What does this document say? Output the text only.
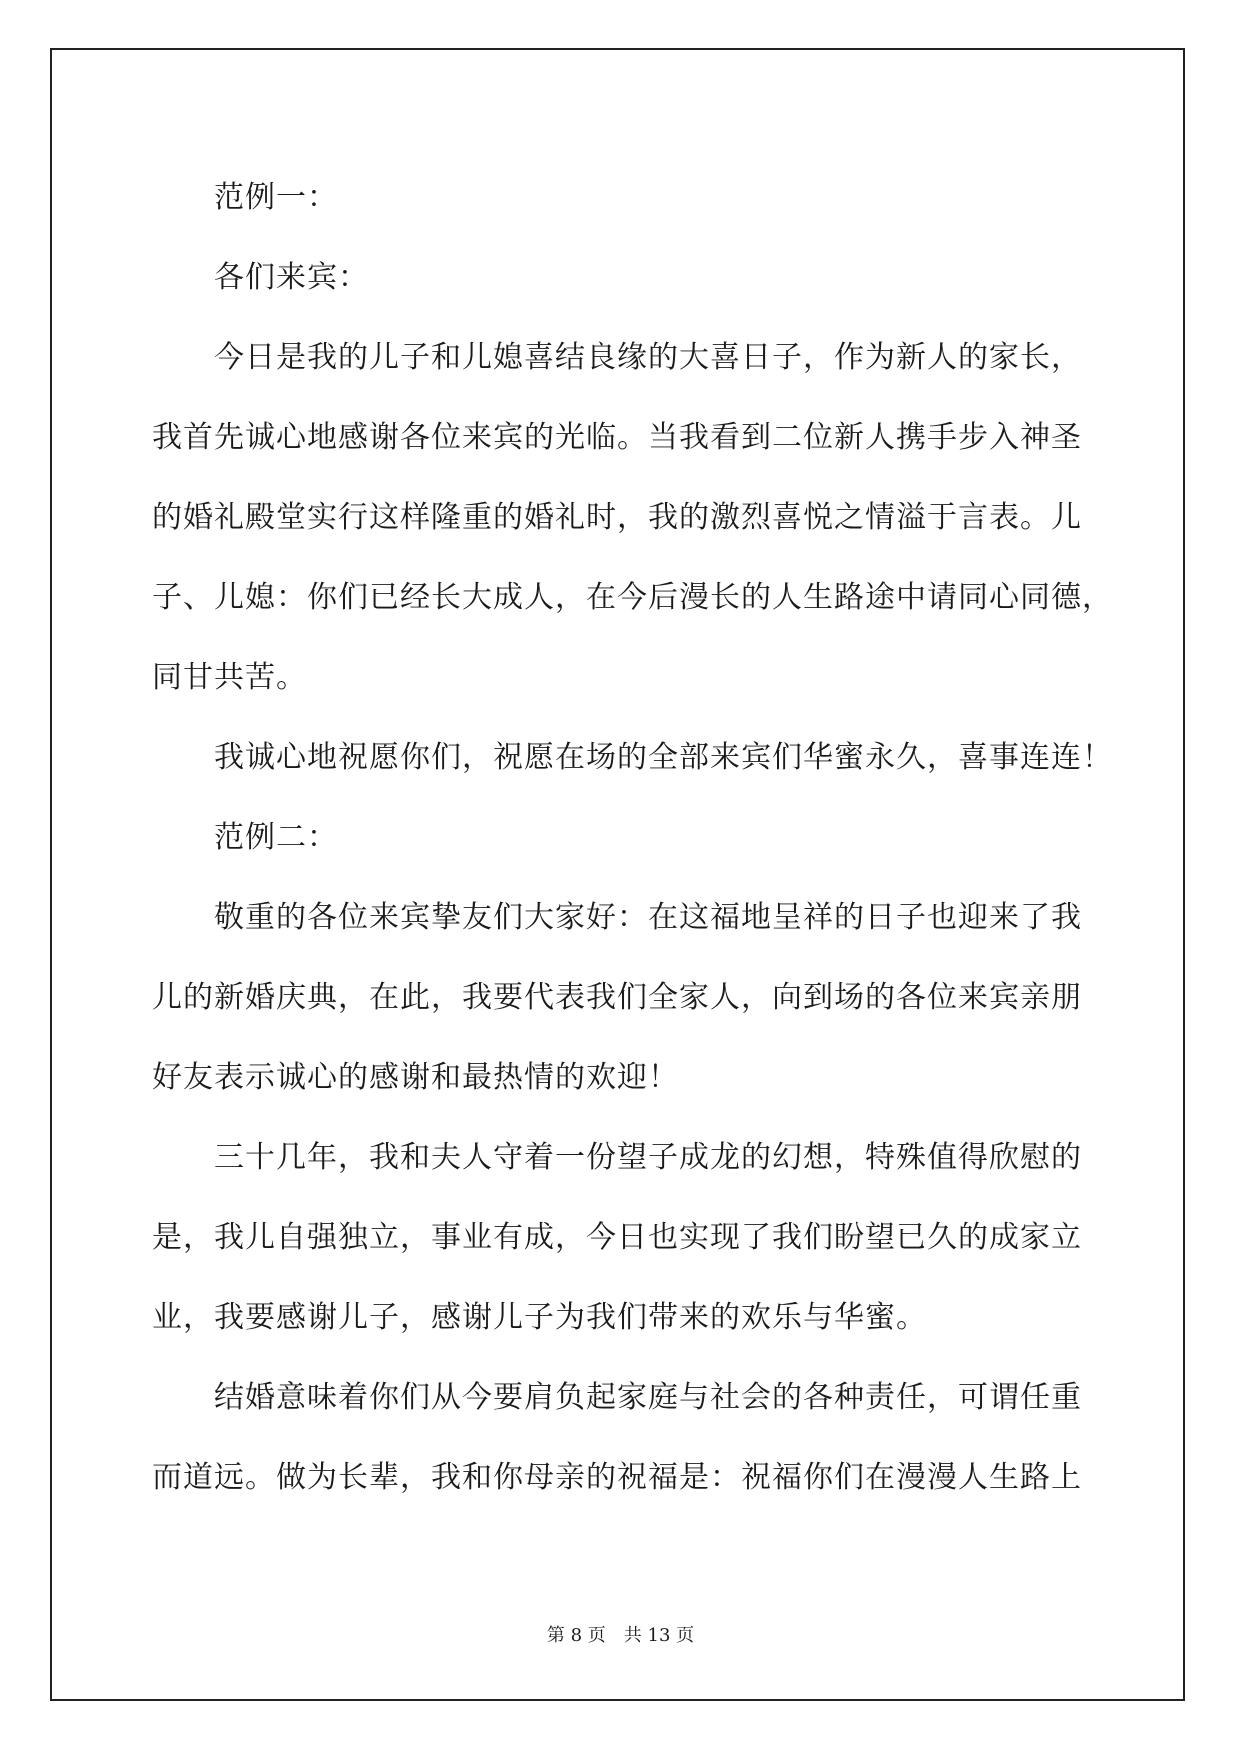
范例一：
各们来宾：
今日是我的儿子和儿媳喜结良缘的大喜日子，作为新人的家长，
我首先诚心地感谢各位来宾的光临。当我看到二位新人携手步入神圣
的婚礼殿堂实行这样隆重的婚礼时，我的激烈喜悦之情溢于言表。儿
子、儿媳：你们已经长大成人，在今后漫长的人生路途中请同心同德，
同甘共苦。
我诚心地祝愿你们，祝愿在场的全部来宾们华蜜永久，喜事连连！
范例二：
敬重的各位来宾挚友们大家好：在这福地呈祥的日子也迎来了我
儿的新婚庆典，在此，我要代表我们全家人，向到场的各位来宾亲朋
好友表示诚心的感谢和最热情的欢迎！
三十几年，我和夫人守着一份望子成龙的幻想，特殊值得欣慰的
是，我儿自强独立，事业有成，今日也实现了我们盼望已久的成家立
业，我要感谢儿子，感谢儿子为我们带来的欢乐与华蜜。
结婚意味着你们从今要肩负起家庭与社会的各种责任，可谓任重
而道远。做为长辈，我和你母亲的祝福是：祝福你们在漫漫人生路上
第 8 页 共 13 页
